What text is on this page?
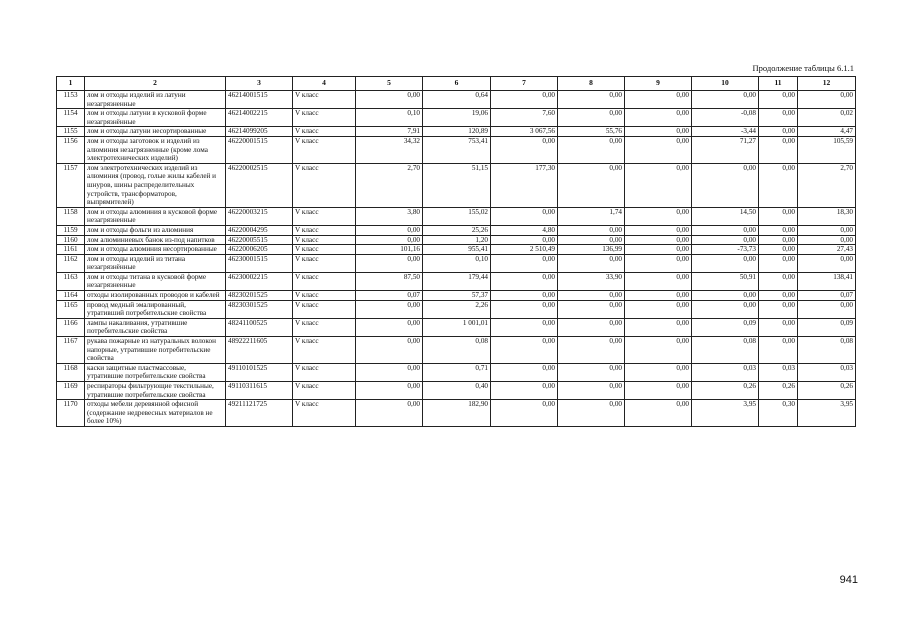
Продолжение таблицы 6.1.1
1	2	3	4	5	6	7	8	9	10	11	12
1153	лом и отходы изделий из латуни незагрязненные	46214001515	V класс	0,00	0,64	0,00	0,00	0,00	0,00	0,00	0,00
1154	лом и отходы латуни в кусковой форме незагрязнённые	46214002215	V класс	0,10	19,06	7,60	0,00	0,00	-0,08	0,00	0,02
1155	лом и отходы латуни несортированные	46214099205	V класс	7,91	120,89	3 067,56	55,76	0,00	-3,44	0,00	4,47
1156	лом и отходы заготовок и изделий из алюминия незагрязненные (кроме лома электротехнических изделий)	46220001515	V класс	34,32	753,41	0,00	0,00	0,00	71,27	0,00	105,59
1157	лом электротехнических изделий из алюминия (провод, голые жилы кабелей и шнуров, шины распределительных устройств, трансформаторов, выпрямителей)	46220002515	V класс	2,70	51,15	177,30	0,00	0,00	0,00	0,00	2,70
1158	лом и отходы алюминия в кусковой форме незагрязненные	46220003215	V класс	3,80	155,02	0,00	1,74	0,00	14,50	0,00	18,30
1159	лом и отходы фольги из алюминия	46220004295	V класс	0,00	25,26	4,80	0,00	0,00	0,00	0,00	0,00
1160	лом алюминиевых банок из-под напитков	46220005515	V класс	0,00	1,20	0,00	0,00	0,00	0,00	0,00	0,00
1161	лом и отходы алюминия несортированные	46220006205	V класс	101,16	955,41	2 510,49	136,99	0,00	-73,73	0,00	27,43
1162	лом и отходы изделий из титана незагрязнённые	46230001515	V класс	0,00	0,10	0,00	0,00	0,00	0,00	0,00	0,00
1163	лом и отходы титана в кусковой форме незагрязненные	46230002215	V класс	87,50	179,44	0,00	33,90	0,00	50,91	0,00	138,41
1164	отходы изолированных проводов и кабелей	48230201525	V класс	0,07	57,37	0,00	0,00	0,00	0,00	0,00	0,07
1165	провод медный эмалированный, утративший потребительские свойства	48230301525	V класс	0,00	2,26	0,00	0,00	0,00	0,00	0,00	0,00
1166	лампы накаливания, утратившие потребительские свойства	48241100525	V класс	0,00	1 001,01	0,00	0,00	0,00	0,09	0,00	0,09
1167	рукава пожарные из натуральных волокон напорные, утратившие потребительские свойства	48922211605	V класс	0,00	0,08	0,00	0,00	0,00	0,08	0,00	0,08
1168	каски защитные пластмассовые, утратившие потребительские свойства	49110101525	V класс	0,00	0,71	0,00	0,00	0,00	0,03	0,03	0,03
1169	респираторы фильтрующие текстильные, утратившие потребительские свойства	49110311615	V класс	0,00	0,40	0,00	0,00	0,00	0,26	0,26	0,26
1170	отходы мебели деревянной офисной (содержание недревесных материалов не более 10%)	49211121725	V класс	0,00	182,90	0,00	0,00	0,00	3,95	0,30	3,95
941
